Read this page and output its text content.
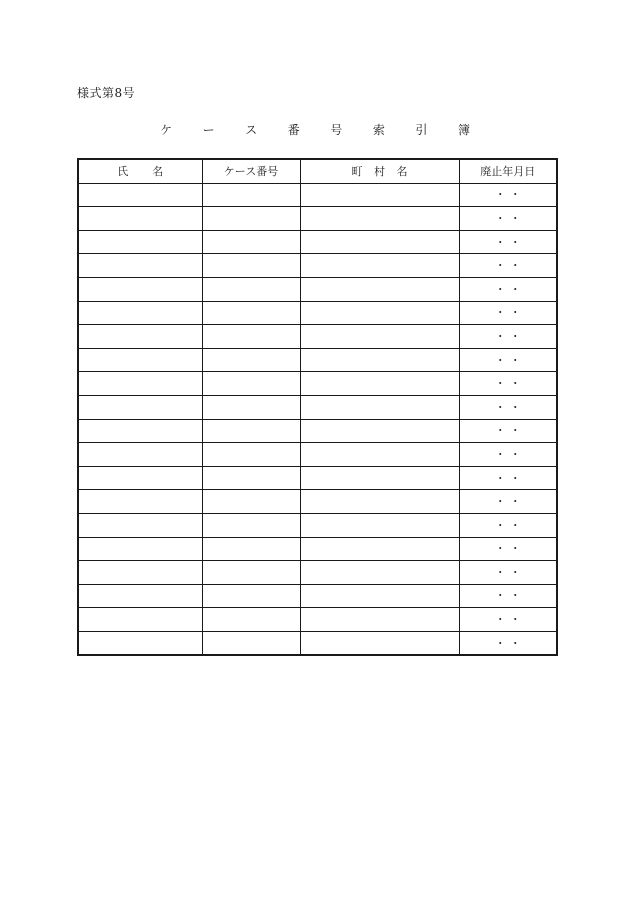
様式第8号
ケ	ー	ス	番	号	索	引	簿
氏 名	ケース番号	町 村 名	廃止年月日

			・ ・

			・ ・

			・ ・

			・ ・

			・ ・

			・ ・

			・ ・

			・ ・

			・ ・

			・ ・

			・ ・

			・ ・

			・ ・

			・ ・

			・ ・

			・ ・

			・ ・

			・ ・

			・ ・

			・ ・
